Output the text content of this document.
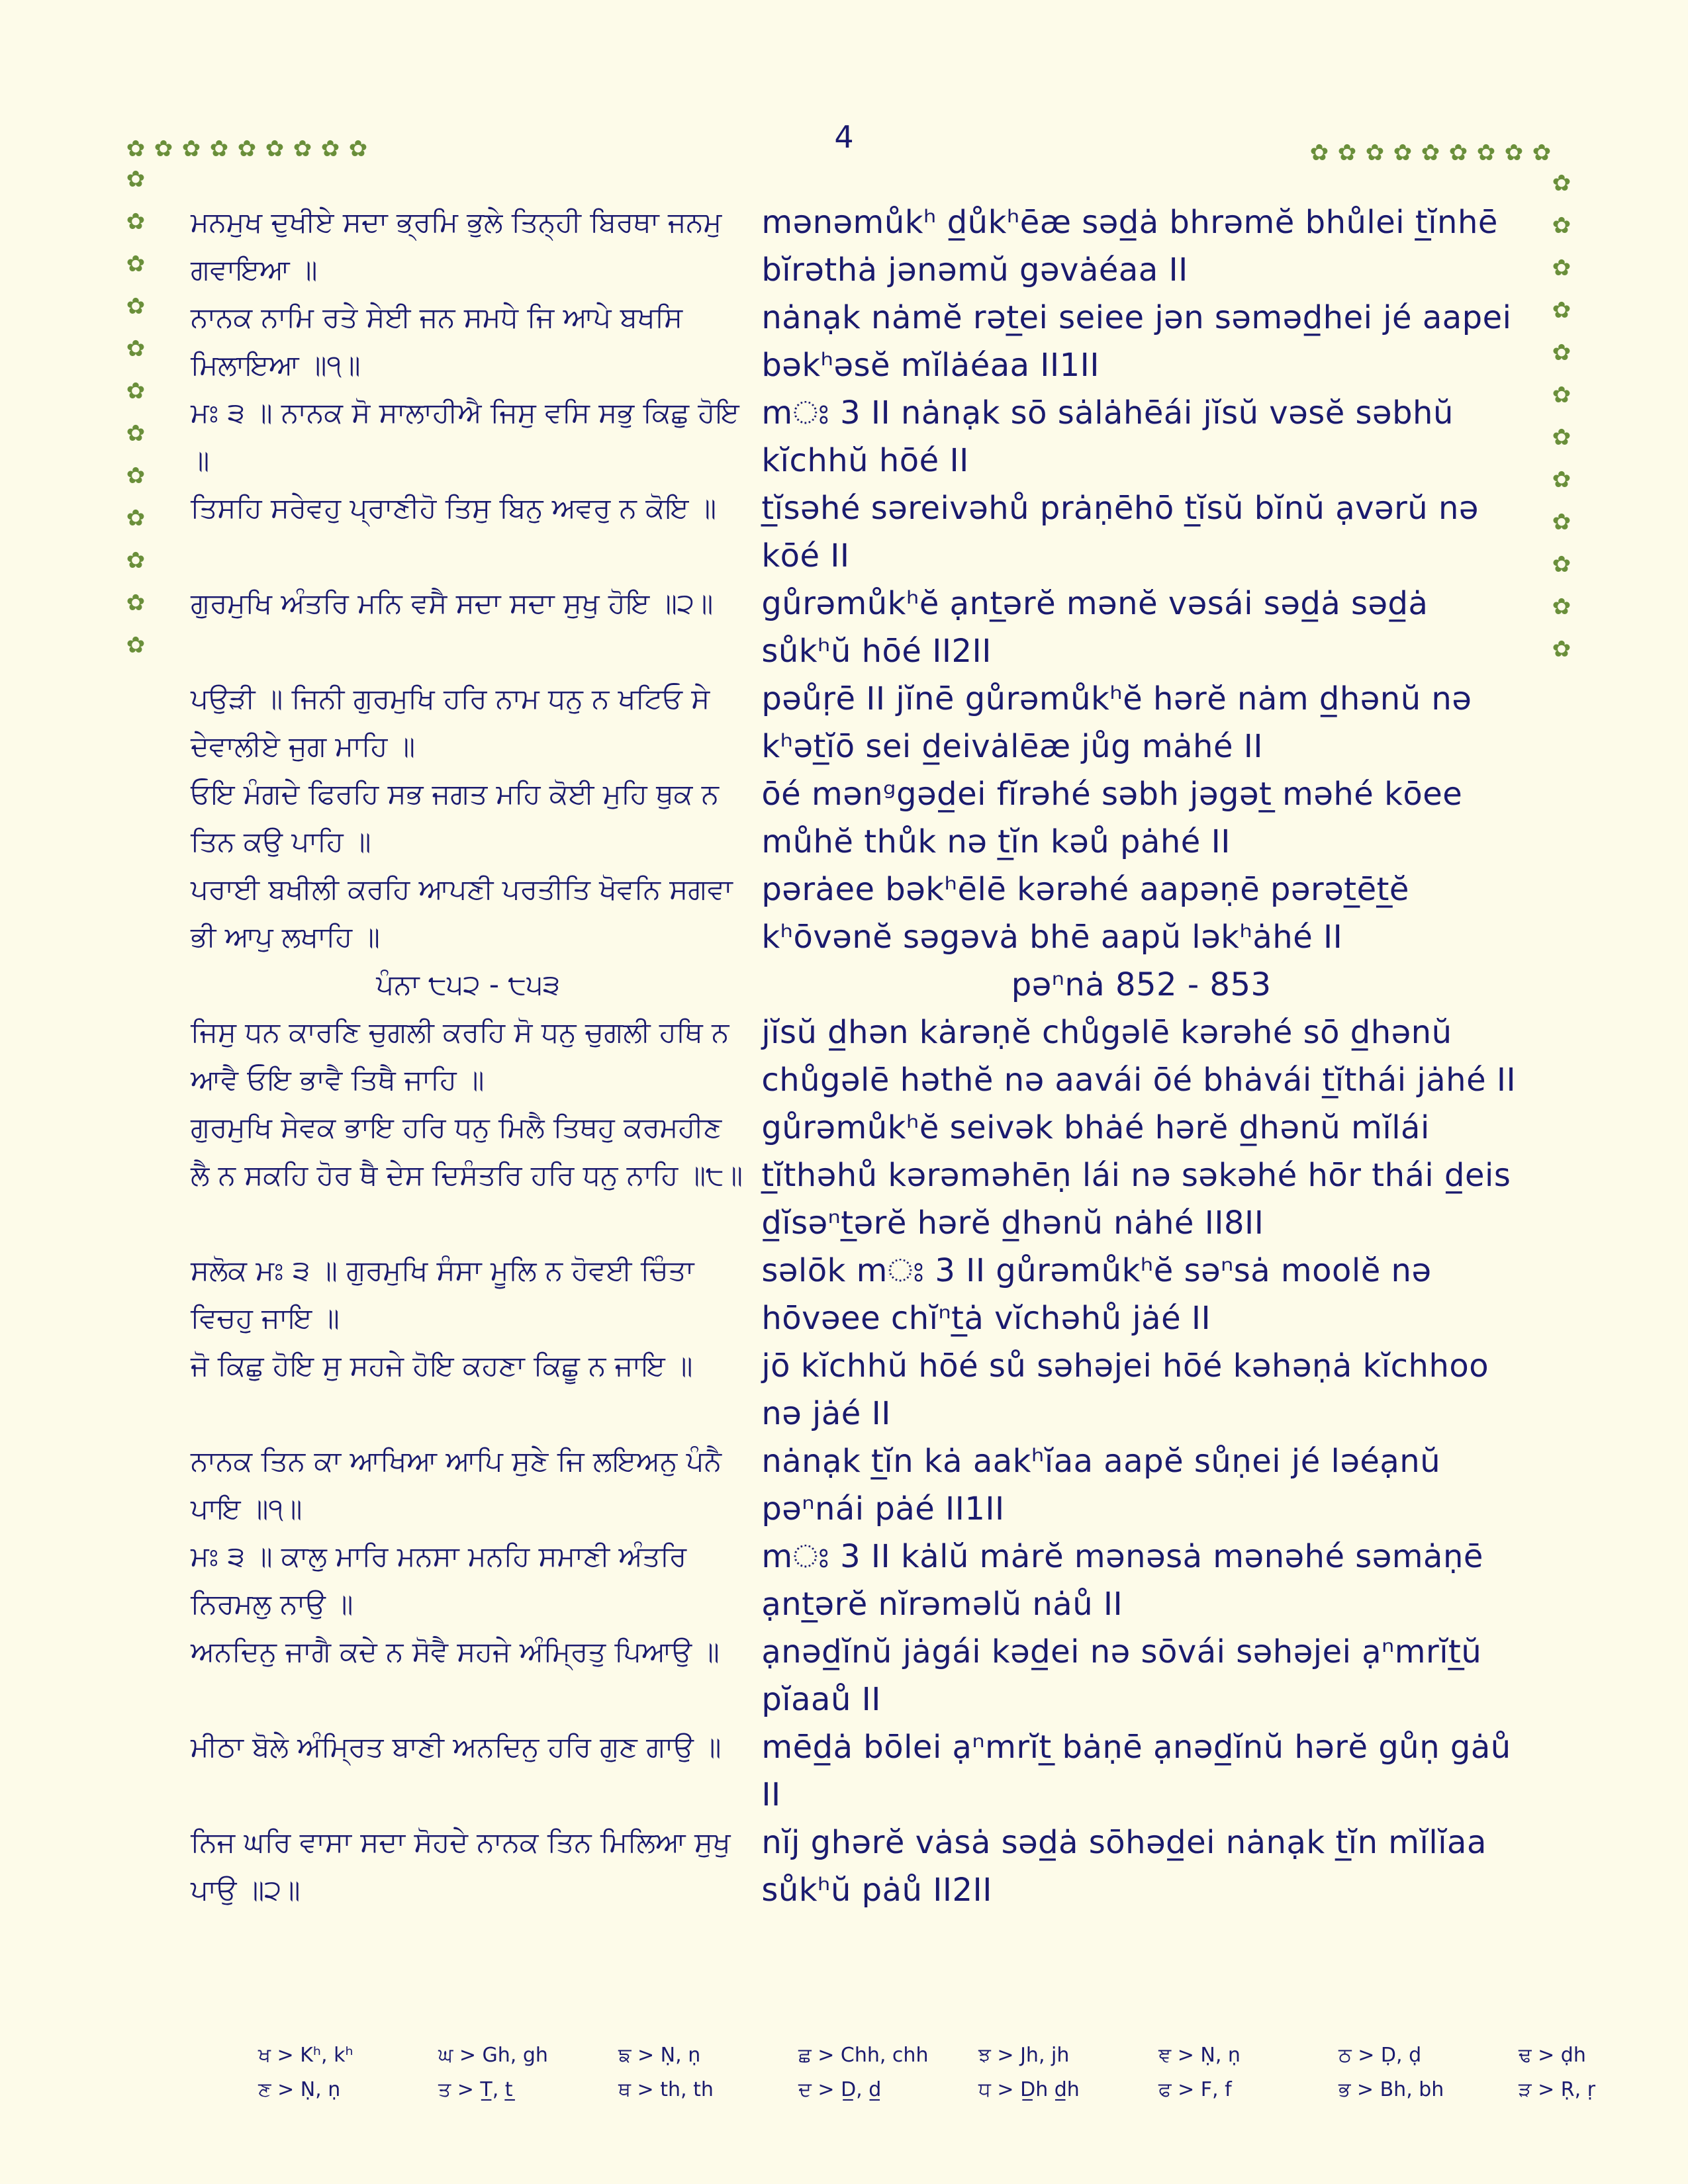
4
✿ ✿ ✿ ✿ ✿ ✿ ✿ ✿ ✿
✿
✿
✿
✿
✿
✿
✿
✿
✿
✿
✿
✿
✿ ✿ ✿ ✿ ✿ ✿ ✿ ✿ ✿
✿
✿
✿
✿
✿
✿
✿
✿
✿
✿
✿
✿
ਮਨਮੁਖ ਦੁਖੀਏ ਸਦਾ ਭ੍ਰਮਿ ਭੁਲੇ ਤਿਨ੍ਹੀ ਬਿਰਥਾ ਜਨਮੁ ਗਵਾਇਆ ॥
mənəmůkʰ d̲ůkʰēæ səd̲ȧ bhrəmĕ bhůlei t̲ĭnhē bĭrəthȧ jənəmŭ gəvȧéaa II
ਨਾਨਕ ਨਾਮਿ ਰਤੇ ਸੇਈ ਜਨ ਸਮਧੇ ਜਿ ਆਪੇ ਬਖਸਿ ਮਿਲਾਇਆ ॥੧॥
nȧnạk nȧmĕ rət̲ei seiee jən səməd̲hei jé aapei bəkʰəsĕ mĭlȧéaa II1II
ਮਃ ੩ ॥ ਨਾਨਕ ਸੋ ਸਾਲਾਹੀਐ ਜਿਸੁ ਵਸਿ ਸਭੁ ਕਿਛੁ ਹੋਇ ॥
mਃ 3 II nȧnạk sō sȧlȧhēái jĭsŭ vəsĕ səbhŭ kĭchhŭ hōé II
ਤਿਸਹਿ ਸਰੇਵਹੁ ਪ੍ਰਾਣੀਹੋ ਤਿਸੁ ਬਿਨੁ ਅਵਰੁ ਨ ਕੋਇ ॥	t̲ĭsəhé səreivəhů prȧṇēhō t̲ĭsŭ bĭnŭ ạvərŭ nə kōé II
ਗੁਰਮੁਖਿ ਅੰਤਰਿ ਮਨਿ ਵਸੈ ਸਦਾ ਸਦਾ ਸੁਖੁ ਹੋਇ ॥੨॥	gůrəmůkʰĕ ạnt̲ərĕ mənĕ vəsái səd̲ȧ səd̲ȧ sůkʰŭ hōé II2II
ਪਉੜੀ ॥ ਜਿਨੀ ਗੁਰਮੁਖਿ ਹਰਿ ਨਾਮ ਧਨੁ ਨ ਖਟਿਓ ਸੇ ਦੇਵਾਲੀਏ ਜੁਗ ਮਾਹਿ ॥
pəůṛē II jĭnē gůrəmůkʰĕ hərĕ nȧm d̲hənŭ nə kʰət̲ĭō sei d̲eivȧlēæ jůg mȧhé II
ਓਇ ਮੰਗਦੇ ਫਿਰਹਿ ਸਭ ਜਗਤ ਮਹਿ ਕੋਈ ਮੁਹਿ ਥੁਕ ਨ ਤਿਨ ਕਉ ਪਾਹਿ ॥
ōé mənᵍgəd̲ei fĭrəhé səbh jəgət̲ məhé kōee můhĕ thůk nə t̲ĭn kəů pȧhé II
ਪਰਾਈ ਬਖੀਲੀ ਕਰਹਿ ਆਪਣੀ ਪਰਤੀਤਿ ਖੋਵਨਿ ਸਗਵਾ ਭੀ ਆਪੁ ਲਖਾਹਿ ॥
pərȧee bəkʰēlē kərəhé aapəṇē pərət̲ēt̲ĕ kʰōvənĕ səgəvȧ bhē aapŭ ləkʰȧhé II
ਪੰਨਾ ੮੫੨ - ੮੫੩	pəⁿnȧ 852 - 853
ਜਿਸੁ ਧਨ ਕਾਰਣਿ ਚੁਗਲੀ ਕਰਹਿ ਸੋ ਧਨੁ ਚੁਗਲੀ ਹਥਿ ਨ ਆਵੈ ਓਇ ਭਾਵੈ ਤਿਥੈ ਜਾਹਿ ॥
jĭsŭ d̲hən kȧrəṇĕ chůgəlē kərəhé sō d̲hənŭ chůgəlē həthĕ nə aavái ōé bhȧvái t̲ĭthái jȧhé II
ਗੁਰਮੁਖਿ ਸੇਵਕ ਭਾਇ ਹਰਿ ਧਨੁ ਮਿਲੈ ਤਿਥਹੁ ਕਰਮਹੀਣ ਲੈ ਨ ਸਕਹਿ ਹੋਰ ਥੈ ਦੇਸ ਦਿਸੰਤਰਿ ਹਰਿ ਧਨੁ ਨਾਹਿ ॥੮॥
gůrəmůkʰĕ seivək bhȧé hərĕ d̲hənŭ mĭlái t̲ĭthəhů kərəməhēṇ lái nə səkəhé hōr thái d̲eis d̲ĭsəⁿt̲ərĕ hərĕ d̲hənŭ nȧhé II8II
ਸਲੋਕ ਮਃ ੩ ॥ ਗੁਰਮੁਖਿ ਸੰਸਾ ਮੂਲਿ ਨ ਹੋਵਈ ਚਿੰਤਾ ਵਿਚਹੁ ਜਾਇ ॥
səlōk mਃ 3 II gůrəmůkʰĕ səⁿsȧ moolĕ nə hōvəee chĭⁿt̲ȧ vĭchəhů jȧé II
ਜੋ ਕਿਛੁ ਹੋਇ ਸੁ ਸਹਜੇ ਹੋਇ ਕਹਣਾ ਕਿਛੂ ਨ ਜਾਇ ॥	jō kĭchhŭ hōé sů səhəjei hōé kəhəṇȧ kĭchhoo nə jȧé II
ਨਾਨਕ ਤਿਨ ਕਾ ਆਖਿਆ ਆਪਿ ਸੁਣੇ ਜਿ ਲਇਅਨੁ ਪੰਨੈ ਪਾਇ ॥੧॥
nȧnạk t̲ĭn kȧ aakʰĭaa aapĕ sůṇei jé ləéạnŭ pəⁿnái pȧé II1II
ਮਃ ੩ ॥ ਕਾਲੁ ਮਾਰਿ ਮਨਸਾ ਮਨਹਿ ਸਮਾਣੀ ਅੰਤਰਿ ਨਿਰਮਲੁ ਨਾਉ ॥
mਃ 3 II kȧlŭ mȧrĕ mənəsȧ mənəhé səmȧṇē ạnt̲ərĕ nĭrəməlŭ nȧů II
ਅਨਦਿਨੁ ਜਾਗੈ ਕਦੇ ਨ ਸੋਵੈ ਸਹਜੇ ਅੰਮ੍ਰਿਤੁ ਪਿਆਉ ॥	ạnəd̲ĭnŭ jȧgái kəd̲ei nə sōvái səhəjei ạⁿmrĭt̲ŭ pĭaaů II
ਮੀਠਾ ਬੋਲੇ ਅੰਮ੍ਰਿਤ ਬਾਣੀ ਅਨਦਿਨੁ ਹਰਿ ਗੁਣ ਗਾਉ ॥	mēd̲ȧ bōlei ạⁿmrĭt̲ bȧṇē ạnəd̲ĭnŭ hərĕ gůṇ gȧů II
ਨਿਜ ਘਰਿ ਵਾਸਾ ਸਦਾ ਸੋਹਦੇ ਨਾਨਕ ਤਿਨ ਮਿਲਿਆ ਸੁਖੁ ਪਾਉ ॥੨॥
nĭj ghərĕ vȧsȧ səd̲ȧ sōhəd̲ei nȧnạk t̲ĭn mĭlĭaa sůkʰŭ pȧů II2II
ਖ > Kʰ, kʰ	ਘ > Gh, gh	ਙ > Ṇ, ṇ	ਛ > Chh, chh	ਝ > Jh, jh	ਞ > Ṇ, ṇ	ਠ > Ḍ, ḍ	ਢ > ḍh
ਣ > Ṇ, ṇ	ਤ > T̲, t̲	ਥ > th, th	ਦ > D̲, d̲	ਧ > D̲h d̲h	ਫ > F, f	ਭ > Bh, bh	ੜ > Ṛ, ṛ
